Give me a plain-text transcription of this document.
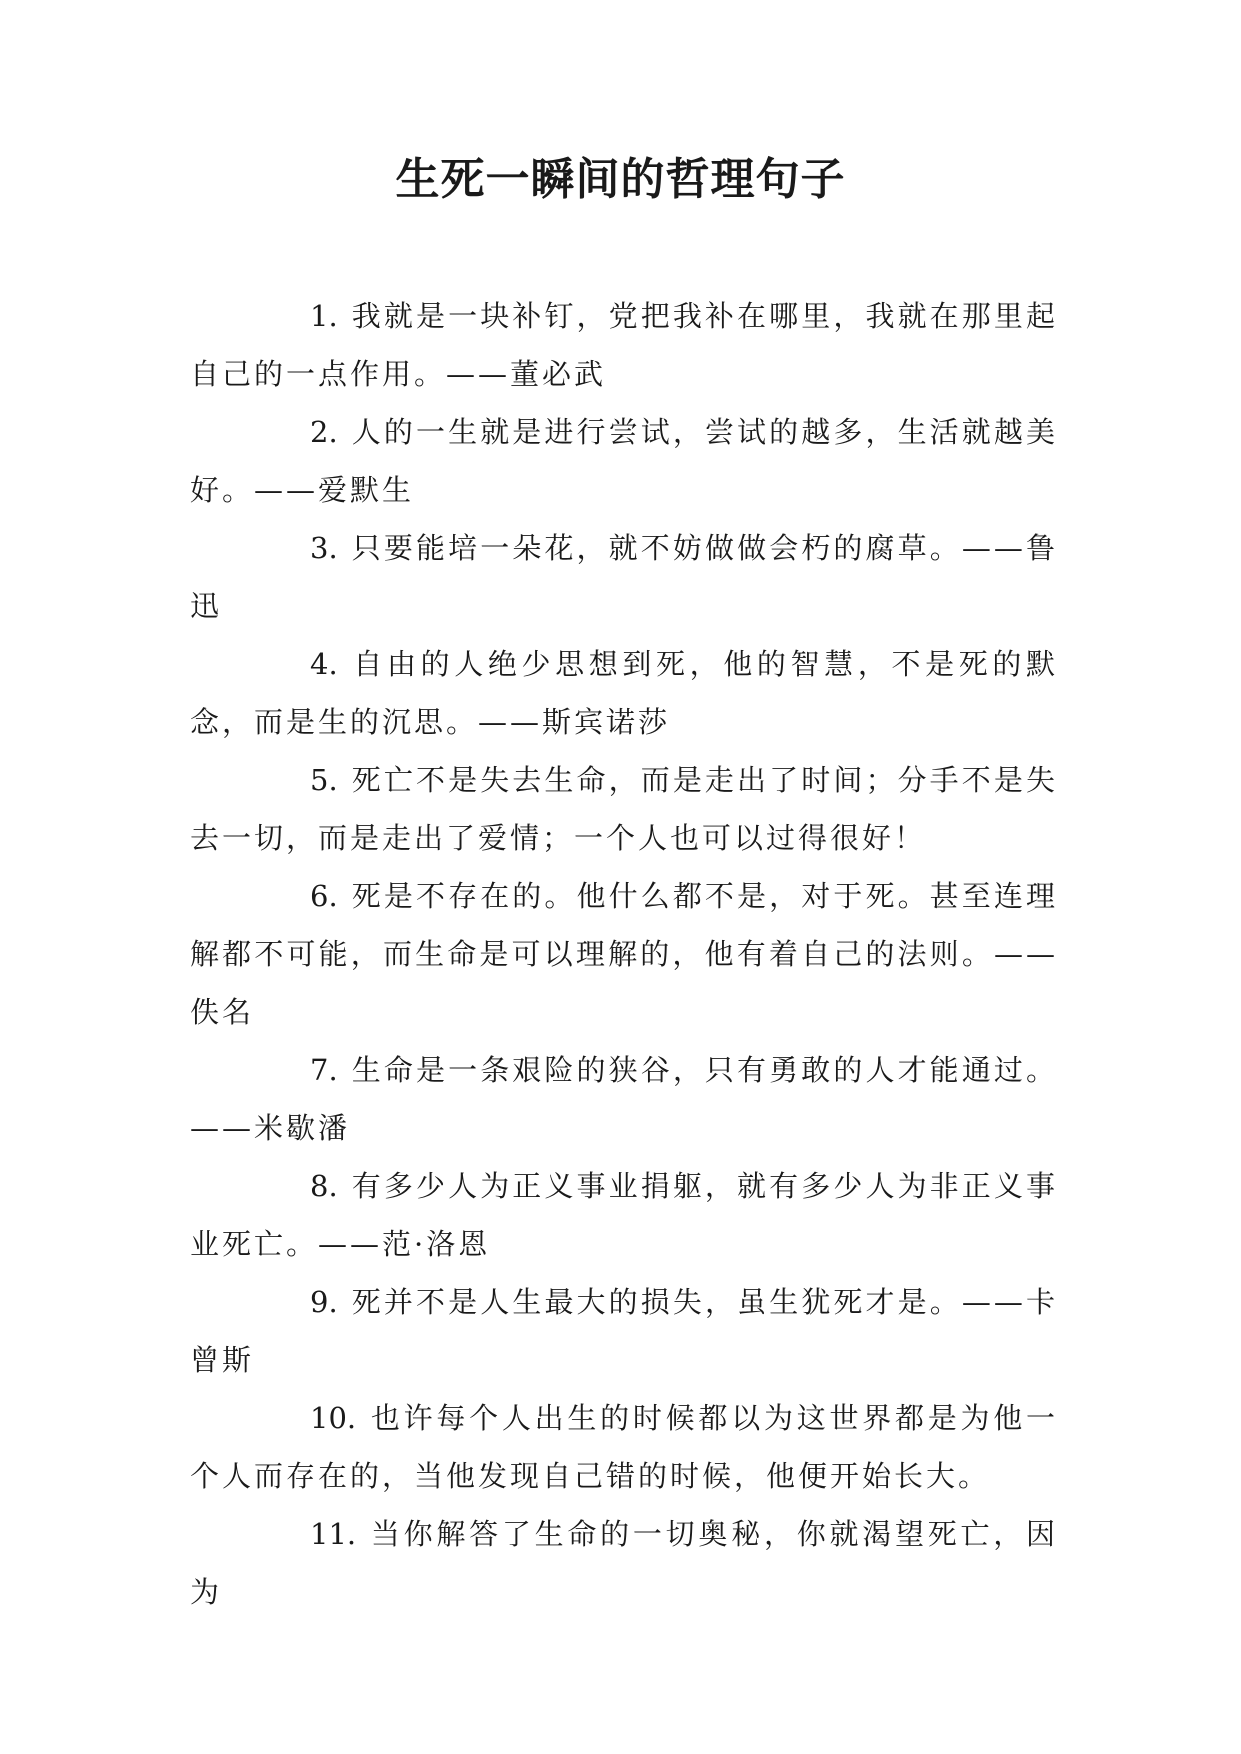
生死一瞬间的哲理句子

1. 我就是一块补钉，党把我补在哪里，我就在那里起自己的一点作用。——董必武

2. 人的一生就是进行尝试，尝试的越多，生活就越美好。——爱默生

3. 只要能培一朵花，就不妨做做会朽的腐草。——鲁迅

4. 自由的人绝少思想到死，他的智慧，不是死的默念，而是生的沉思。——斯宾诺莎

5. 死亡不是失去生命，而是走出了时间；分手不是失去一切，而是走出了爱情；一个人也可以过得很好！

6. 死是不存在的。他什么都不是，对于死。甚至连理解都不可能，而生命是可以理解的，他有着自己的法则。——佚名

7. 生命是一条艰险的狭谷，只有勇敢的人才能通过。——米歇潘

8. 有多少人为正义事业捐躯，就有多少人为非正义事业死亡。——范·洛恩

9. 死并不是人生最大的损失，虽生犹死才是。——卡曾斯

10. 也许每个人出生的时候都以为这世界都是为他一个人而存在的，当他发现自己错的时候，他便开始长大。

11. 当你解答了生命的一切奥秘，你就渴望死亡，因为
